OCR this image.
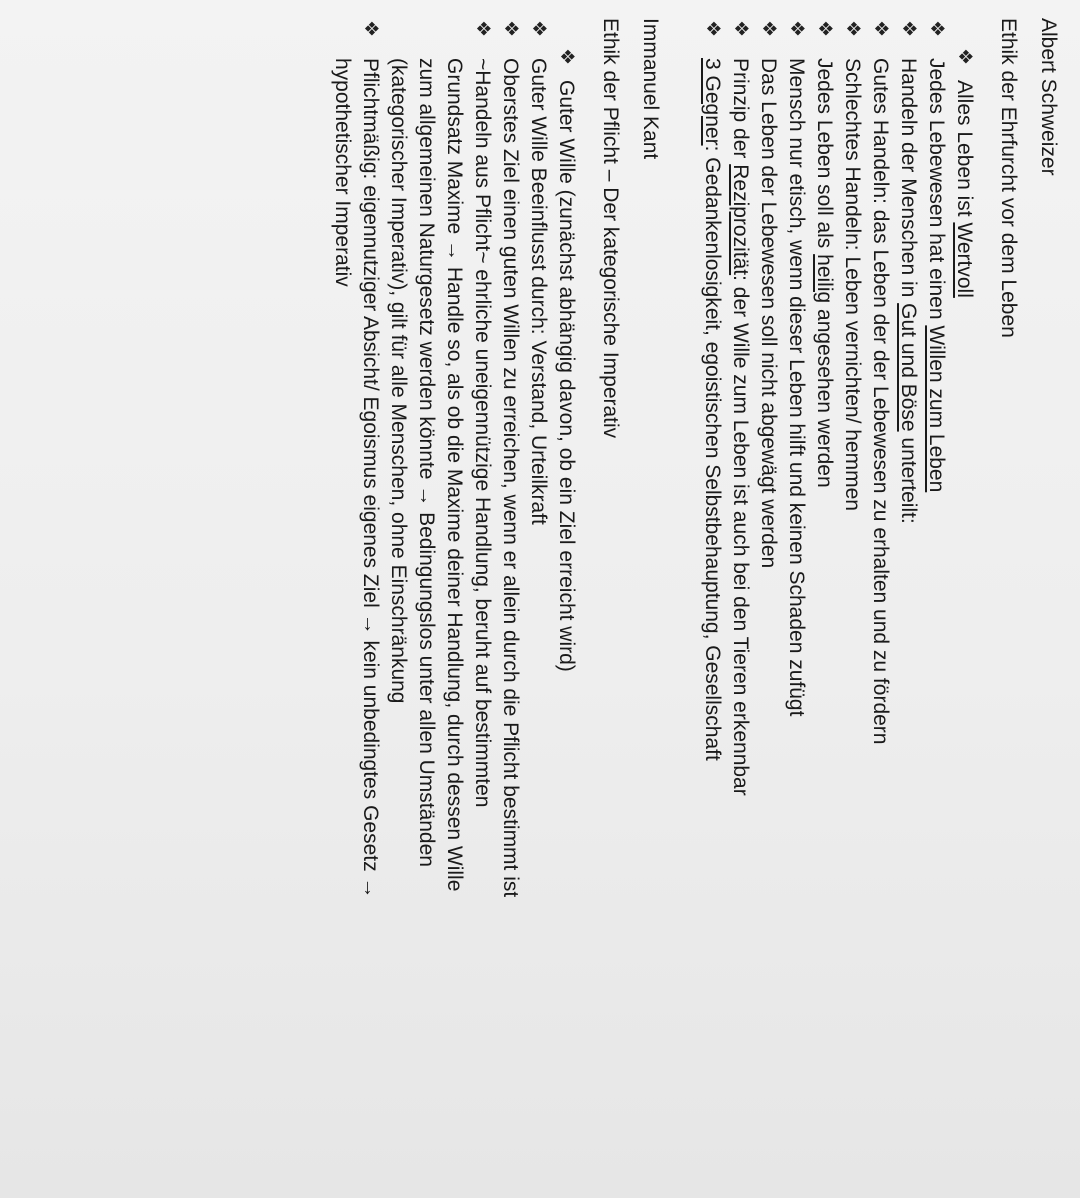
Albert Schweizer

Ethik der Ehrfurcht vor dem Leben

❖
Alles Leben ist Wertvoll
❖
Jedes Lebewesen hat einen Willen zum Leben
❖
Handeln der Menschen in Gut und Böse unterteilt:
❖
Gutes Handeln: das Leben der der Lebewesen zu erhalten und zu fördern
❖
Schlechtes Handeln: Leben vernichten/ hemmen
❖
Jedes Leben soll als heilig angesehen werden
❖
Mensch nur etisch, wenn dieser Leben hilft und keinen Schaden zufügt
❖
Das Leben der Lebewesen soll nicht abgewägt werden
❖
Prinzip der Reziprozität: der Wille zum Leben ist auch bei den Tieren erkennbar
❖
3 Gegner: Gedankenlosigkeit, egoistischen Selbstbehauptung, Gesellschaft

Immanuel Kant

Ethik der Pflicht – Der kategorische Imperativ

❖
Guter Wille (zunächst abhängig davon, ob ein Ziel erreicht wird)
❖
Guter Wille Beeinflusst durch: Verstand, Urteilkraft
❖
Oberstes Ziel einen guten Willen zu erreichen, wenn er allein durch die Pflicht bestimmt ist
❖
~Handeln aus Pflicht~ ehrliche uneigennützige Handlung, beruht auf bestimmten
Grundsatz Maxime → Handle so, als ob die Maxime deiner Handlung, durch dessen Wille
zum allgemeinen Naturgesetz werden könnte → Bedingungslos unter allen Umständen
(kategorischer Imperativ), gilt für alle Menschen, ohne Einschränkung
❖
Pflichtmäßig: eigennutziger Absicht/ Egoismus eigenes Ziel → kein unbedingtes Gesetz →
hypothetischer Imperativ
